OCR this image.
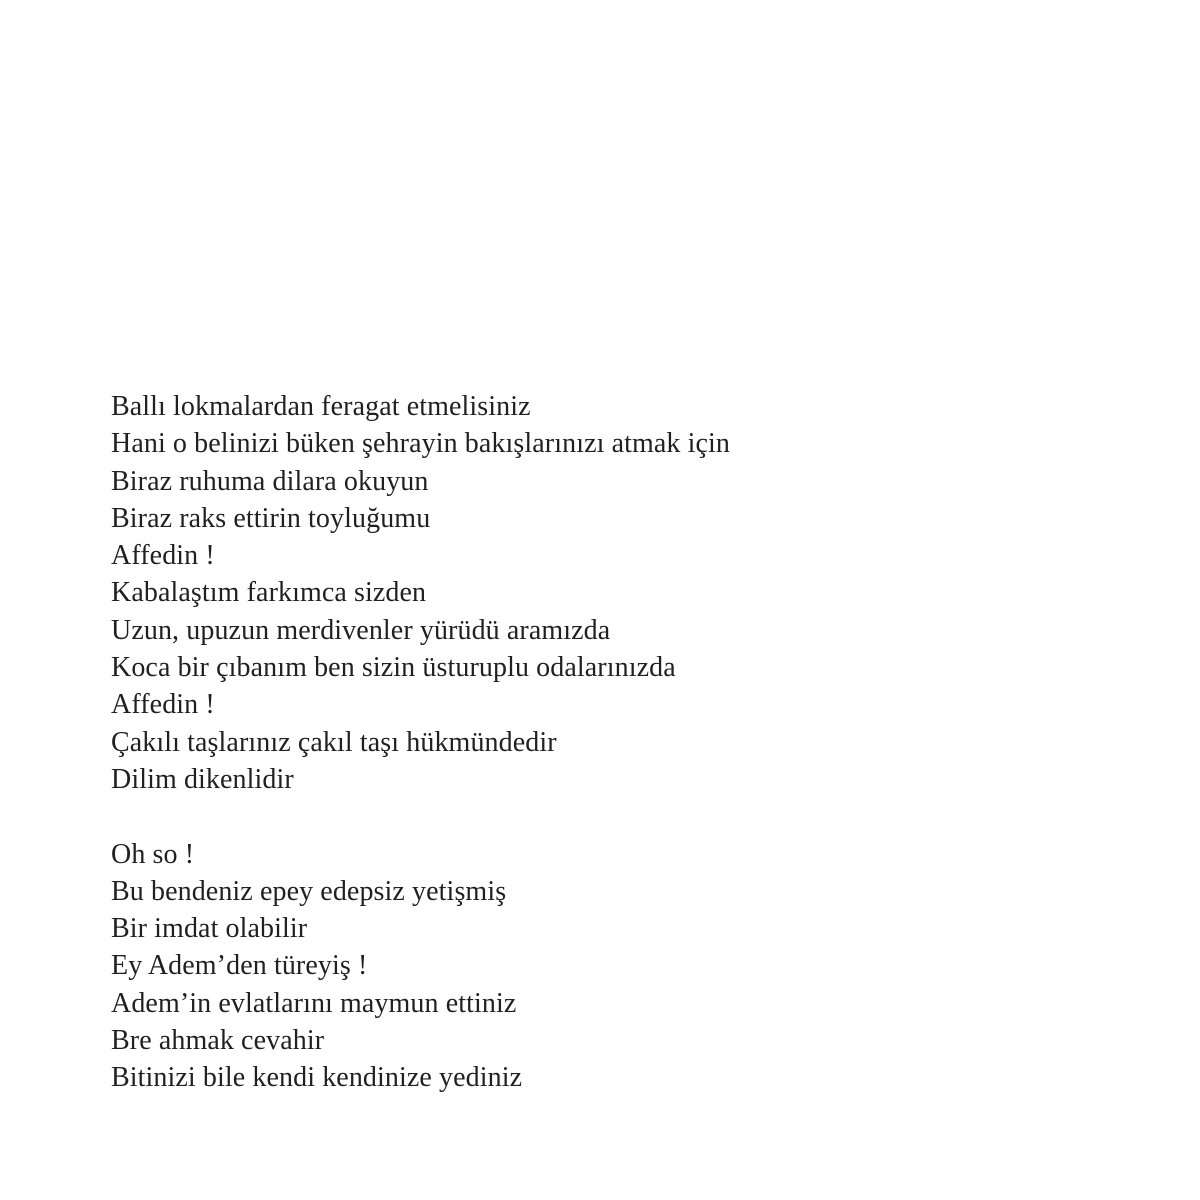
Ballı lokmalardan feragat etmelisiniz
Hani o belinizi büken şehrayin bakışlarınızı atmak için
Biraz ruhuma dilara okuyun
Biraz raks ettirin toyluğumu
Affedin !
Kabalaştım farkımca sizden
Uzun, upuzun merdivenler yürüdü aramızda
Koca bir çıbanım ben sizin üsturuplu odalarınızda
Affedin !
Çakılı taşlarınız çakıl taşı hükmündedir
Dilim dikenlidir
Oh so !
Bu bendeniz epey edepsiz yetişmiş
Bir imdat olabilir
Ey Adem’den türeyiş !
Adem’in evlatlarını maymun ettiniz
Bre ahmak cevahir
Bitinizi bile kendi kendinize yediniz
